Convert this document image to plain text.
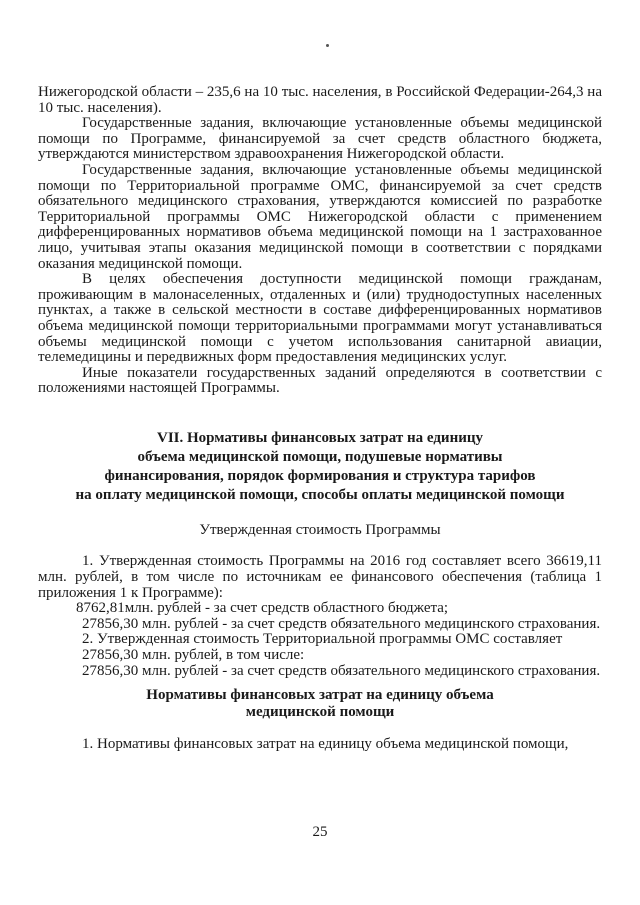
Нижегородской области – 235,6 на 10 тыс. населения, в Российской Федерации-264,3 на 10 тыс. населения).

Государственные задания, включающие установленные объемы медицинской помощи по Программе, финансируемой за счет средств областного бюджета, утверждаются министерством здравоохранения Нижегородской области.

Государственные задания, включающие установленные объемы медицинской помощи по Территориальной программе ОМС, финансируемой за счет средств обязательного медицинского страхования, утверждаются комиссией по разработке Территориальной программы ОМС Нижегородской области с применением дифференцированных нормативов объема медицинской помощи на 1 застрахованное лицо, учитывая этапы оказания медицинской помощи в соответствии с порядками оказания медицинской помощи.

В целях обеспечения доступности медицинской помощи гражданам, проживающим в малонаселенных, отдаленных и (или) труднодоступных населенных пунктах, а также в сельской местности в составе дифференцированных нормативов объема медицинской помощи территориальными программами могут устанавливаться объемы медицинской помощи с учетом использования санитарной авиации, телемедицины и передвижных форм предоставления медицинских услуг.

Иные показатели государственных заданий определяются в соответствии с положениями настоящей Программы.

VII. Нормативы финансовых затрат на единицу
объема медицинской помощи, подушевые нормативы
финансирования, порядок формирования и структура тарифов
на оплату медицинской помощи, способы оплаты медицинской помощи

Утвержденная стоимость Программы

1. Утвержденная стоимость Программы на 2016 год составляет всего 36619,11 млн. рублей, в том числе по источникам ее финансового обеспечения (таблица 1 приложения 1 к Программе):

8762,81млн. рублей - за счет средств областного бюджета;

27856,30 млн. рублей - за счет средств обязательного медицинского страхования.

2. Утвержденная стоимость Территориальной программы ОМС составляет

27856,30 млн. рублей, в том числе:

27856,30 млн. рублей - за счет средств обязательного медицинского страхования.

Нормативы финансовых затрат на единицу объема
медицинской помощи

1. Нормативы финансовых затрат на единицу объема медицинской помощи,

25
